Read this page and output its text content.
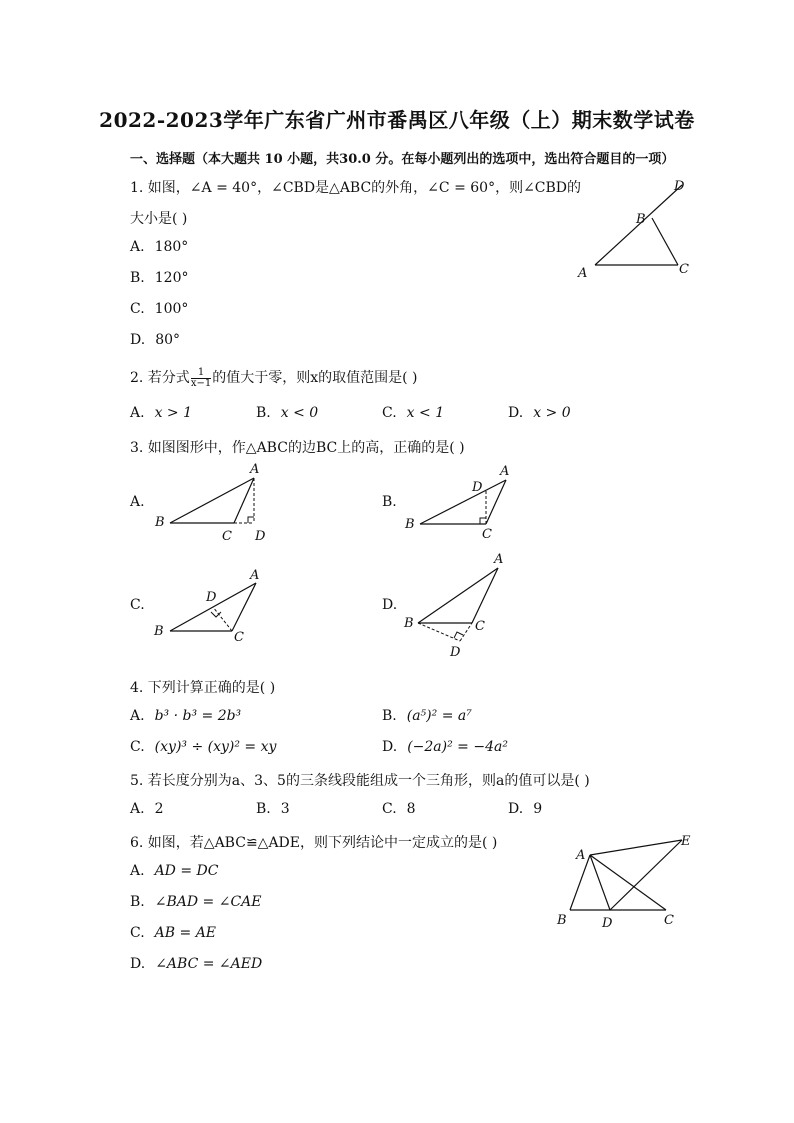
2022-2023学年广东省广州市番禺区八年级（上）期末数学试卷
一、选择题（本大题共 10 小题，共30.0 分。在每小题列出的选项中，选出符合题目的一项）
1. 如图，∠A = 40°，∠CBD是△ABC的外角，∠C = 60°，则∠CBD的
大小是( )
A. 180°
B. 120°
C. 100°
D. 80°
A
B
C
D
2. 若分式 $\frac{1}{x-1}$ 的值大于零，则x的取值范围是( )
A. x > 1	B. x < 0	C. x < 1	D. x > 0
3. 如图图形中，作△ABC的边BC上的高，正确的是( )
A.
A
B
C D
B.
A
B
C
D
C.
A
B	C
D	D.
A
B	C
D
4. 下列计算正确的是( )
A. b³ · b³ = 2b³	B. (a⁵)² = a⁷
C. (xy)³ ÷ (xy)² = xy	D. (−2a)² = −4a²
5. 若长度分别为a、3、5的三条线段能组成一个三角形，则a的值可以是( )
A. 2	B. 3	C. 8	D. 9
6. 如图，若△ABC≌△ADE，则下列结论中一定成立的是( )
A. AD = DC
B. ∠BAD = ∠CAE
C. AB = AE
D. ∠ABC = ∠AED
A
B	D	C
E
